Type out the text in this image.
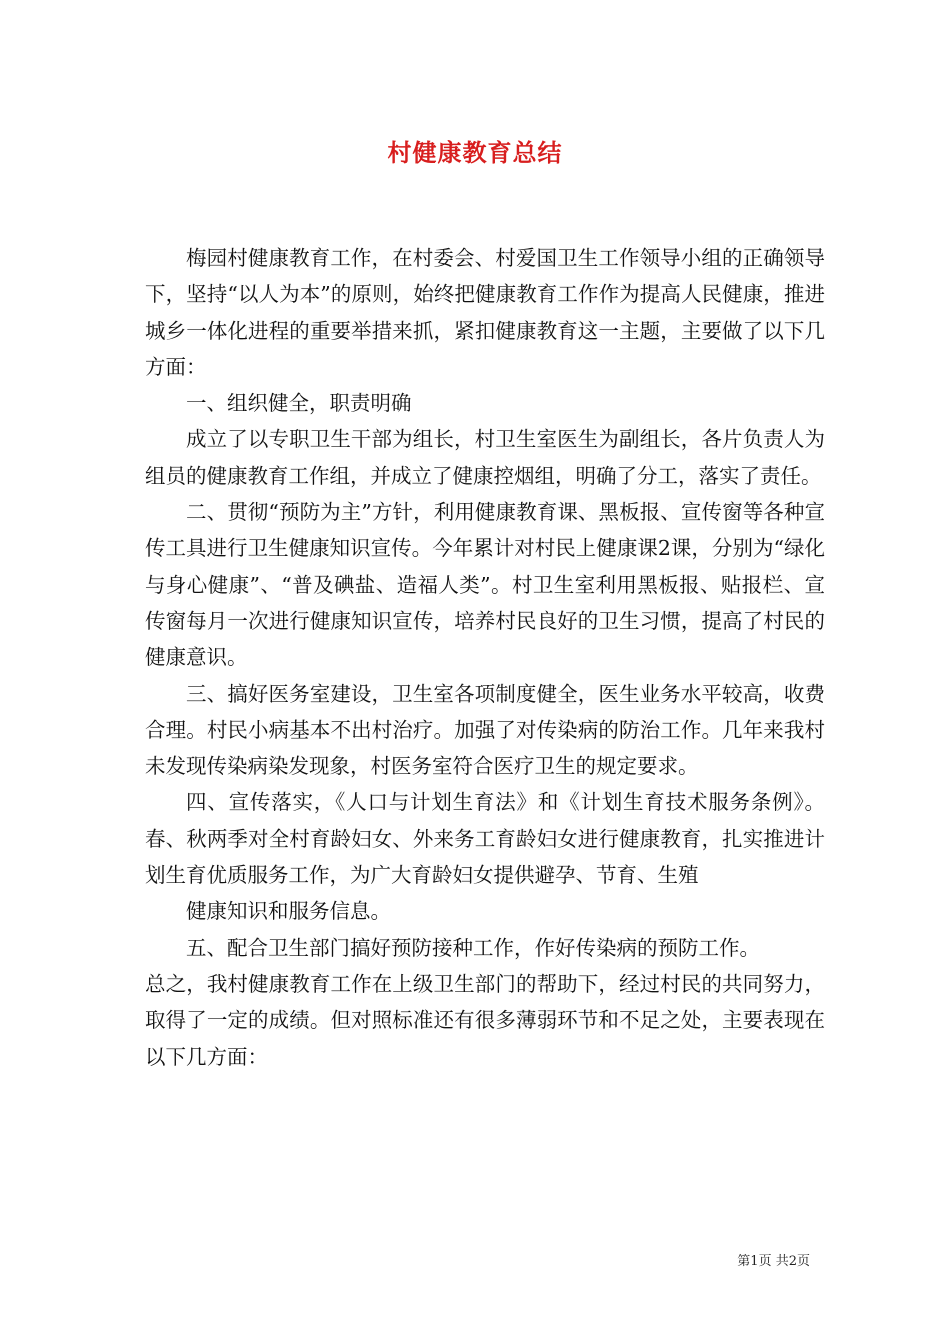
村健康教育总结

梅园村健康教育工作，在村委会、村爱国卫生工作领导小组的正确领导下，坚持“以人为本”的原则，始终把健康教育工作作为提高人民健康，推进城乡一体化进程的重要举措来抓，紧扣健康教育这一主题，主要做了以下几方面：

一、组织健全，职责明确

成立了以专职卫生干部为组长，村卫生室医生为副组长，各片负责人为组员的健康教育工作组，并成立了健康控烟组，明确了分工，落实了责任。

二、贯彻“预防为主”方针，利用健康教育课、黑板报、宣传窗等各种宣传工具进行卫生健康知识宣传。今年累计对村民上健康课2课，分别为“绿化与身心健康”、“普及碘盐、造福人类”。村卫生室利用黑板报、贴报栏、宣传窗每月一次进行健康知识宣传，培养村民良好的卫生习惯，提高了村民的健康意识。

三、搞好医务室建设，卫生室各项制度健全，医生业务水平较高，收费合理。村民小病基本不出村治疗。加强了对传染病的防治工作。几年来我村未发现传染病染发现象，村医务室符合医疗卫生的规定要求。

四、宣传落实，《人口与计划生育法》和《计划生育技术服务条例》。春、秋两季对全村育龄妇女、外来务工育龄妇女进行健康教育，扎实推进计划生育优质服务工作，为广大育龄妇女提供避孕、节育、生殖

健康知识和服务信息。

五、配合卫生部门搞好预防接种工作，作好传染病的预防工作。

总之，我村健康教育工作在上级卫生部门的帮助下，经过村民的共同努力，取得了一定的成绩。但对照标准还有很多薄弱环节和不足之处，主要表现在以下几方面：

第1页 共2页
